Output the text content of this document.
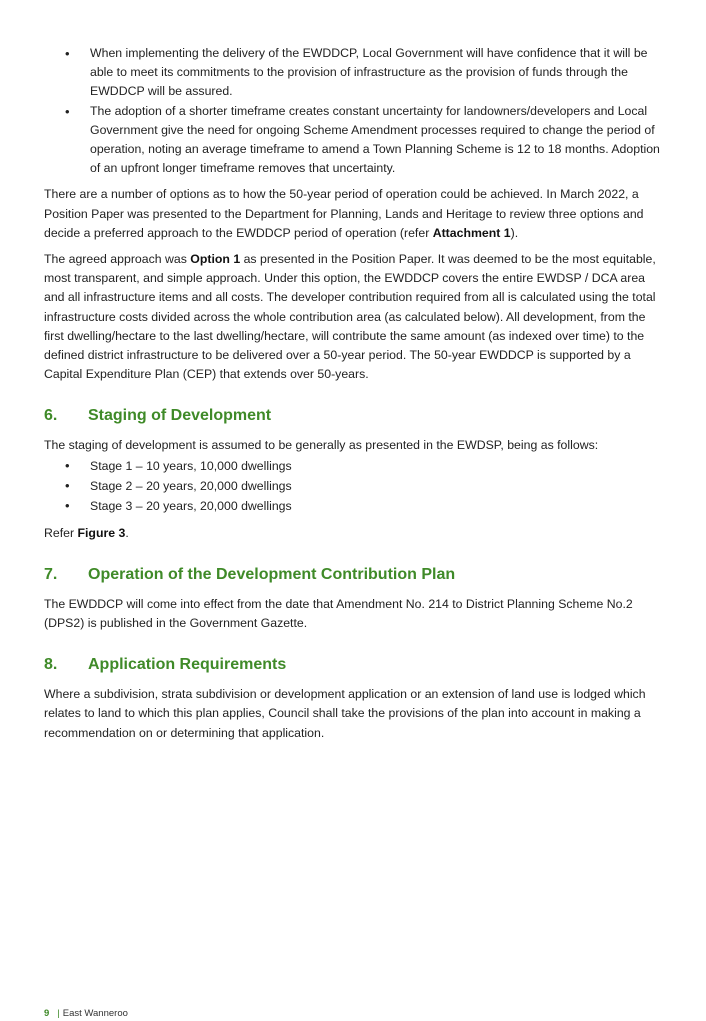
• When implementing the delivery of the EWDDCP, Local Government will have confidence that it will be able to meet its commitments to the provision of infrastructure as the provision of funds through the EWDDCP will be assured.
• The adoption of a shorter timeframe creates constant uncertainty for landowners/developers and Local Government give the need for ongoing Scheme Amendment processes required to change the period of operation, noting an average timeframe to amend a Town Planning Scheme is 12 to 18 months. Adoption of an upfront longer timeframe removes that uncertainty.

There are a number of options as to how the 50-year period of operation could be achieved. In March 2022, a Position Paper was presented to the Department for Planning, Lands and Heritage to review three options and decide a preferred approach to the EWDDCP period of operation (refer Attachment 1).

The agreed approach was Option 1 as presented in the Position Paper. It was deemed to be the most equitable, most transparent, and simple approach. Under this option, the EWDDCP covers the entire EWDSP / DCA area and all infrastructure items and all costs. The developer contribution required from all is calculated using the total infrastructure costs divided across the whole contribution area (as calculated below). All development, from the first dwelling/hectare to the last dwelling/hectare, will contribute the same amount (as indexed over time) to the defined district infrastructure to be delivered over a 50-year period. The 50-year EWDDCP is supported by a Capital Expenditure Plan (CEP) that extends over 50-years.

6.	Staging of Development

The staging of development is assumed to be generally as presented in the EWDSP, being as follows:

• Stage 1 – 10 years, 10,000 dwellings
• Stage 2 – 20 years, 20,000 dwellings
• Stage 3 – 20 years, 20,000 dwellings

Refer Figure 3.

7.	Operation of the Development Contribution Plan

The EWDDCP will come into effect from the date that Amendment No. 214 to District Planning Scheme No.2 (DPS2) is published in the Government Gazette.

8.	Application Requirements

Where a subdivision, strata subdivision or development application or an extension of land use is lodged which relates to land to which this plan applies, Council shall take the provisions of the plan into account in making a recommendation on or determining that application.

9 | East Wanneroo
